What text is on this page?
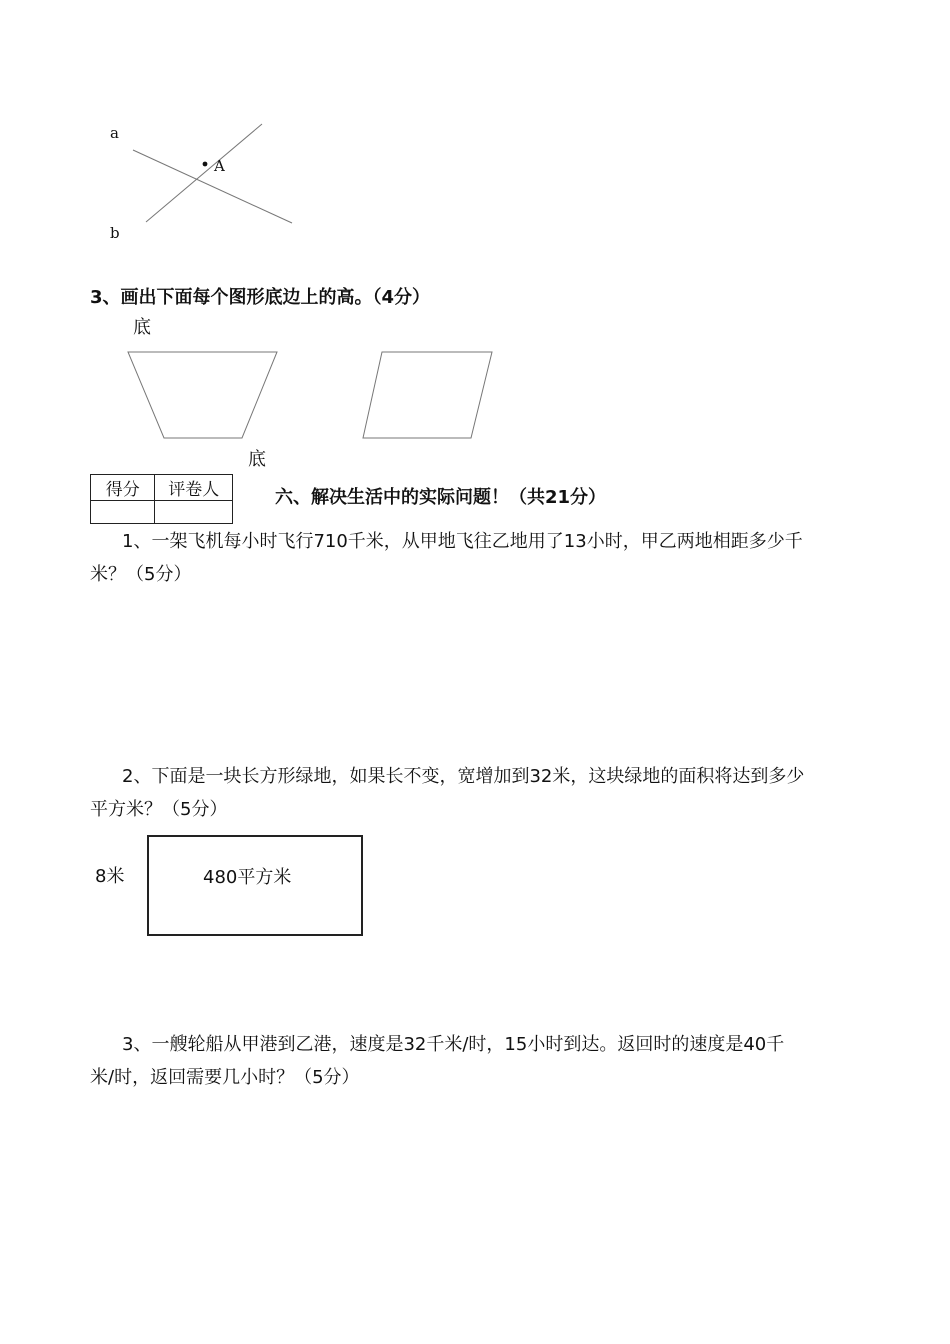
a
b
A
3、画出下面每个图形底边上的高。（4分）
底
底
得分	评卷人
		六、解决生活中的实际问题！（共21分）
1、一架飞机每小时飞行710千米，从甲地飞往乙地用了13小时，甲乙两地相距多少千
米？（5分）
2、下面是一块长方形绿地，如果长不变，宽增加到32米，这块绿地的面积将达到多少
平方米？（5分）
8米	480平方米
3、一艘轮船从甲港到乙港，速度是32千米/时，15小时到达。返回时的速度是40千
米/时，返回需要几小时？（5分）
